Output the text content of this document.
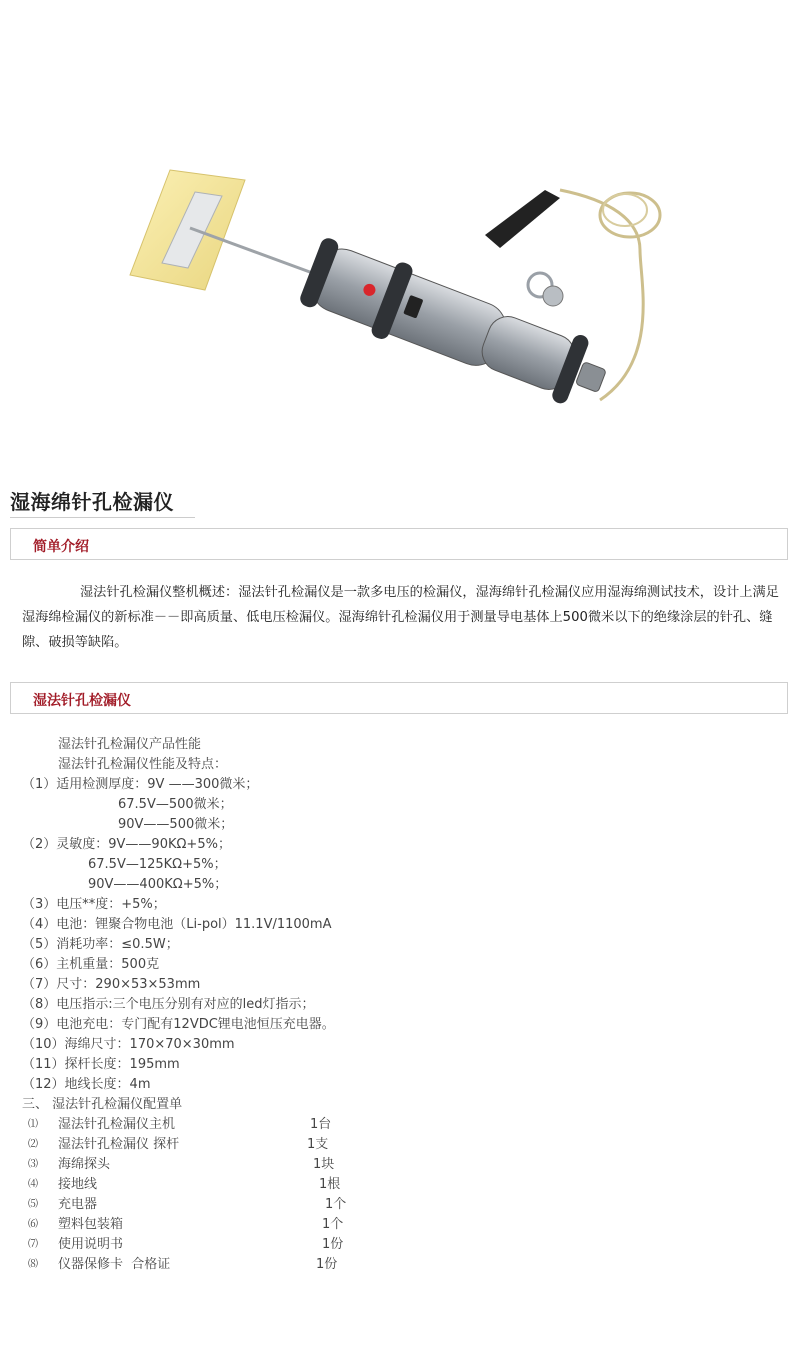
湿海绵针孔检漏仪
简单介绍
湿法针孔检漏仪整机概述：湿法针孔检漏仪是一款多电压的检漏仪，湿海绵针孔检漏仪应用湿海绵测试技术，设计上满足湿海绵检漏仪的新标准－－即高质量、低电压检漏仪。湿海绵针孔检漏仪用于测量导电基体上500微米以下的绝缘涂层的针孔、缝隙、破损等缺陷。
湿法针孔检漏仪
湿法针孔检漏仪产品性能
湿法针孔检漏仪性能及特点：
（1）适用检测厚度：9V ——300微米；
67.5V—500微米；
90V——500微米；
（2）灵敏度：9V——90KΩ+5%；
67.5V—125KΩ+5%；
90V——400KΩ+5%；
（3）电压**度：+5%；
（4）电池：锂聚合物电池（Li-pol）11.1V/1100mA
（5）消耗功率：≤0.5W；
（6）主机重量：500克
（7）尺寸：290×53×53mm
（8）电压指示:三个电压分别有对应的led灯指示；
（9）电池充电：专门配有12VDC锂电池恒压充电器。
（10）海绵尺寸：170×70×30mm
（11）探杆长度：195mm
（12）地线长度：4m
三、 湿法针孔检漏仪配置单
⑴ 湿法针孔检漏仪主机	1台
⑵ 湿法针孔检漏仪 探杆	1支
⑶ 海绵探头	1块
⑷ 接地线	1根
⑸ 充电器	1个
⑹ 塑料包装箱	1个
⑺ 使用说明书	1份
⑻ 仪器保修卡  合格证	1份
